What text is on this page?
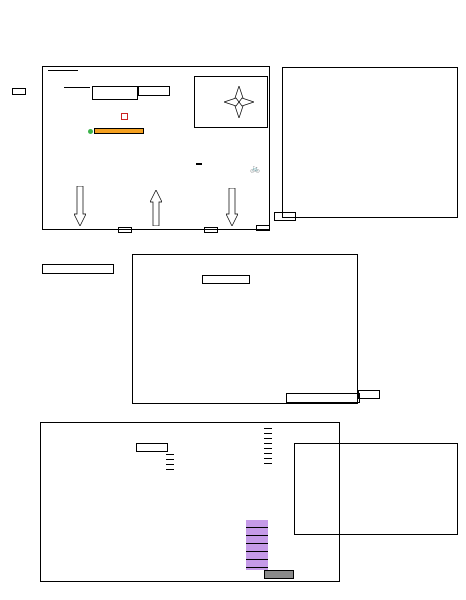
🚲
